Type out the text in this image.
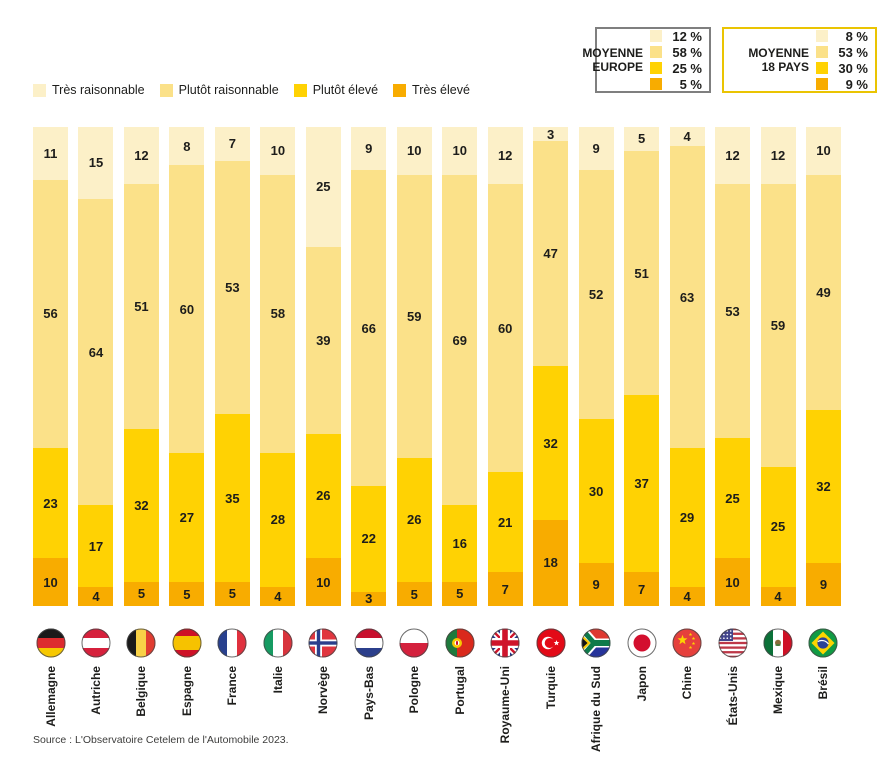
Très raisonnable	Plutôt raisonnable	Plutôt élevé	Très élevé
MOYENNE
EUROPE
12 %
58 %
25 %
5 %
MOYENNE
18 PAYS
8 %
53 %
30 %
9 %
11
56
23
10
Allemagne
15
64
17
4
Autriche
12
51
32
5
Belgique
8
60
27
5
Espagne
7
53
35
5
France
10
58
28
4
Italie
25
39
26
10
Norvège
9
66
22
3
Pays-Bas
10
59
26
5
Pologne
10
69
16
5
Portugal
12
60
21
7
Royaume-Uni
3
47
32
18
Turquie
9
52
30
9
Afrique du Sud
5
51
37
7
Japon
4
63
29
4
Chine
12
53
25
10
États-Unis
12
59
25
4
Mexique
10
49
32
9
Brésil
Source : L'Observatoire Cetelem de l'Automobile 2023.
